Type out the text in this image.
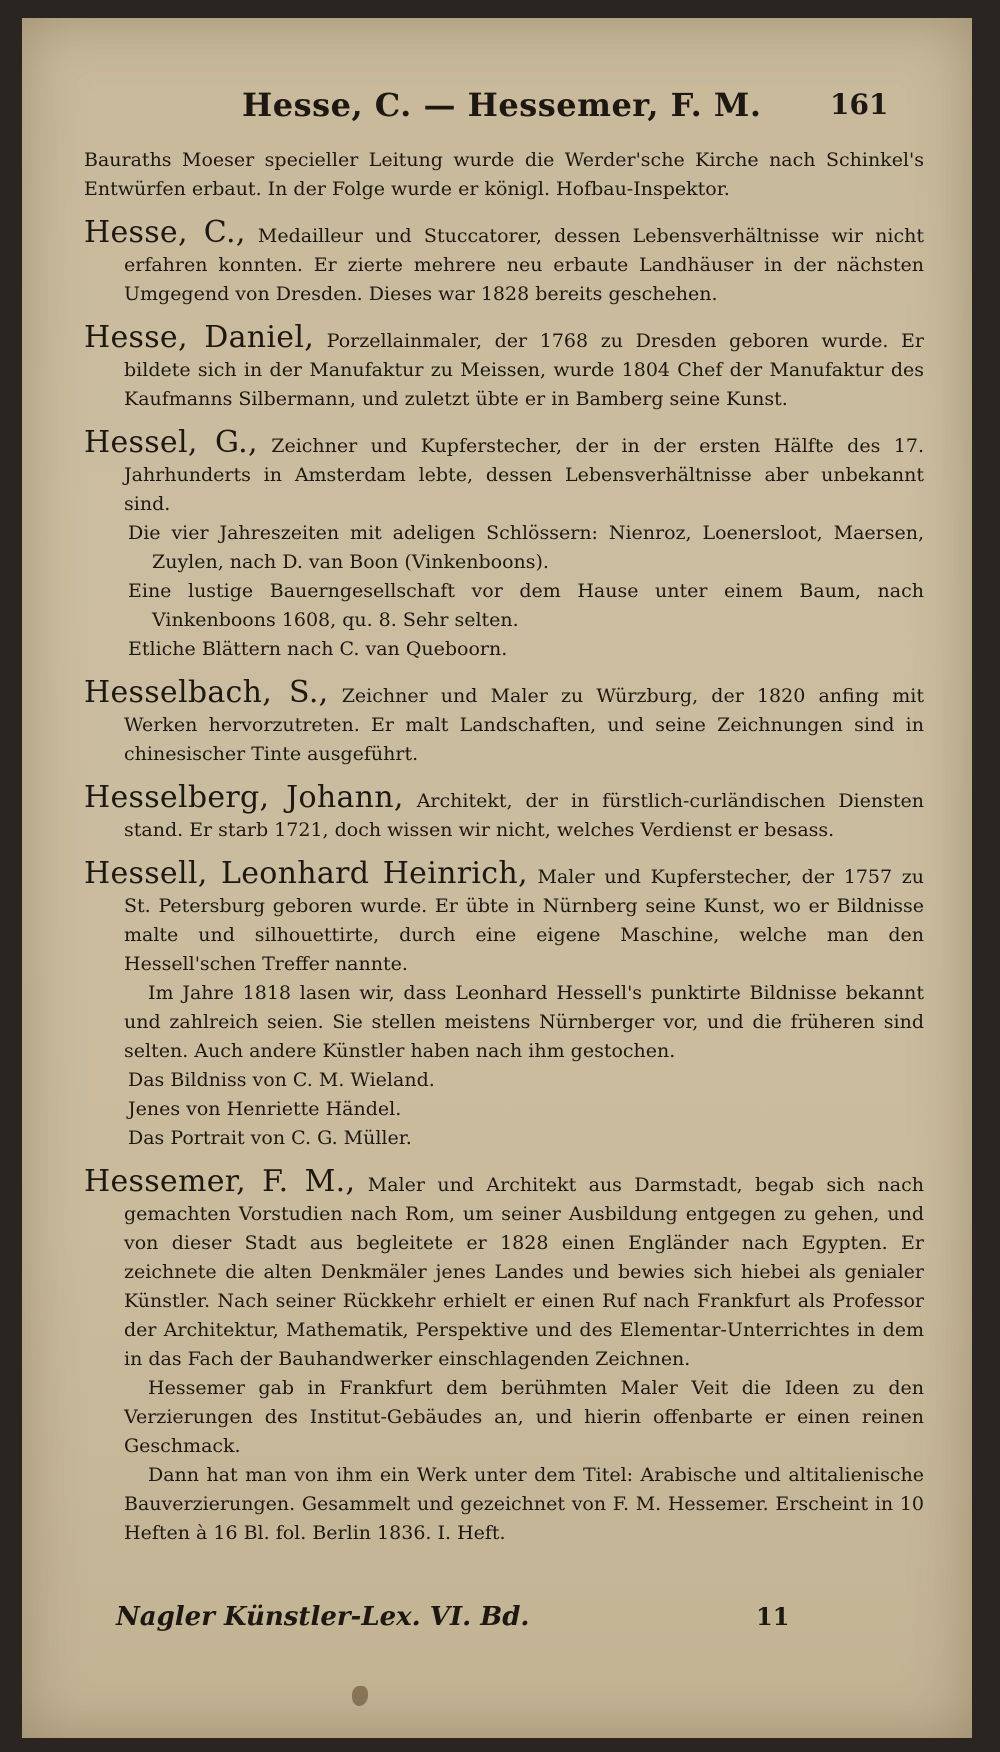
Hesse, C. — Hessemer, F. M. 161

Bauraths Moeser specieller Leitung wurde die Werder'sche Kirche nach Schinkel's Entwürfen erbaut. In der Folge wurde er königl. Hofbau-Inspektor.

Hesse, C., Medailleur und Stuccatorer, dessen Lebensverhältnisse wir nicht erfahren konnten. Er zierte mehrere neu erbaute Landhäuser in der nächsten Umgegend von Dresden. Dieses war 1828 bereits geschehen.

Hesse, Daniel, Porzellainmaler, der 1768 zu Dresden geboren wurde. Er bildete sich in der Manufaktur zu Meissen, wurde 1804 Chef der Manufaktur des Kaufmanns Silbermann, und zuletzt übte er in Bamberg seine Kunst.

Hessel, G., Zeichner und Kupferstecher, der in der ersten Hälfte des 17. Jahrhunderts in Amsterdam lebte, dessen Lebensverhältnisse aber unbekannt sind.

Die vier Jahreszeiten mit adeligen Schlössern: Nienroz, Loenersloot, Maersen, Zuylen, nach D. van Boon (Vinkenboons).

Eine lustige Bauerngesellschaft vor dem Hause unter einem Baum, nach Vinkenboons 1608, qu. 8. Sehr selten.

Etliche Blättern nach C. van Queboorn.

Hesselbach, S., Zeichner und Maler zu Würzburg, der 1820 anfing mit Werken hervorzutreten. Er malt Landschaften, und seine Zeichnungen sind in chinesischer Tinte ausgeführt.

Hesselberg, Johann, Architekt, der in fürstlich-curländischen Diensten stand. Er starb 1721, doch wissen wir nicht, welches Verdienst er besass.

Hessell, Leonhard Heinrich, Maler und Kupferstecher, der 1757 zu St. Petersburg geboren wurde. Er übte in Nürnberg seine Kunst, wo er Bildnisse malte und silhouettirte, durch eine eigene Maschine, welche man den Hessell'schen Treffer nannte.

Im Jahre 1818 lasen wir, dass Leonhard Hessell's punktirte Bildnisse bekannt und zahlreich seien. Sie stellen meistens Nürnberger vor, und die früheren sind selten. Auch andere Künstler haben nach ihm gestochen.

Das Bildniss von C. M. Wieland.

Jenes von Henriette Händel.

Das Portrait von C. G. Müller.

Hessemer, F. M., Maler und Architekt aus Darmstadt, begab sich nach gemachten Vorstudien nach Rom, um seiner Ausbildung entgegen zu gehen, und von dieser Stadt aus begleitete er 1828 einen Engländer nach Egypten. Er zeichnete die alten Denkmäler jenes Landes und bewies sich hiebei als genialer Künstler. Nach seiner Rückkehr erhielt er einen Ruf nach Frankfurt als Professor der Architektur, Mathematik, Perspektive und des Elementar-Unterrichtes in dem in das Fach der Bauhandwerker einschlagenden Zeichnen.

Hessemer gab in Frankfurt dem berühmten Maler Veit die Ideen zu den Verzierungen des Institut-Gebäudes an, und hierin offenbarte er einen reinen Geschmack.

Dann hat man von ihm ein Werk unter dem Titel: Arabische und altitalienische Bauverzierungen. Gesammelt und gezeichnet von F. M. Hessemer. Erscheint in 10 Heften à 16 Bl. fol. Berlin 1836. I. Heft.

Nagler Künstler-Lex. VI. Bd.	11
